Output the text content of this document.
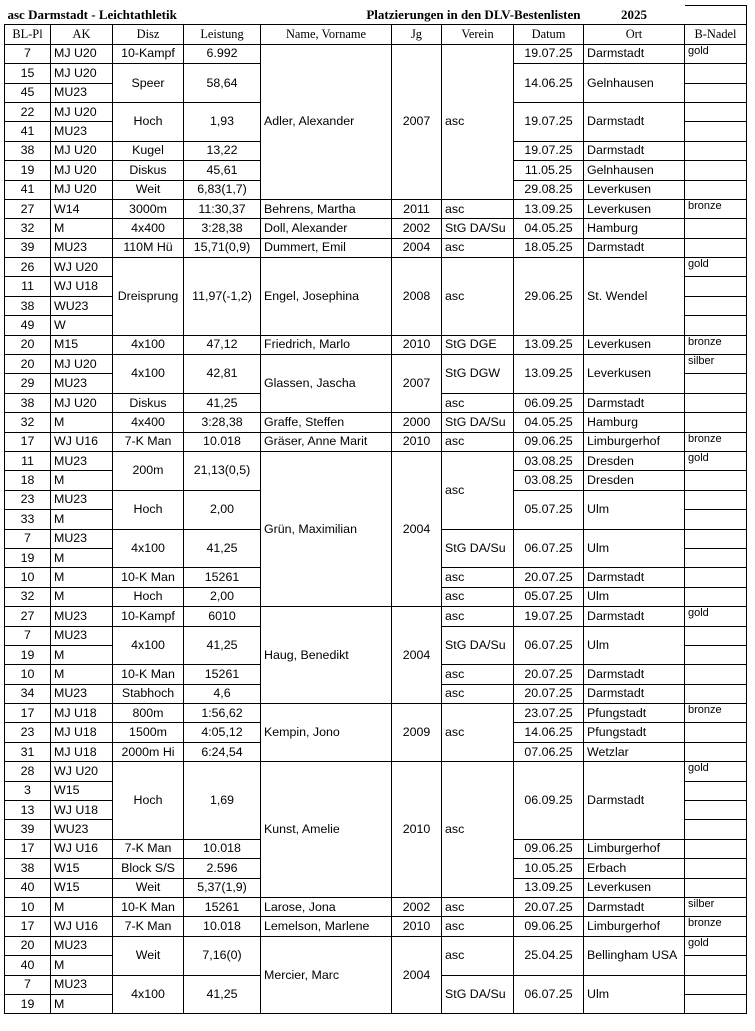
asc Darmstadt - Leichtathletik				Platzierungen in den DLV-Bestenlisten				2025	
BL-Pl	AK	Disz	Leistung	Name, Vorname	Jg	Verein	Datum	Ort	B-Nadel
7	MJ U20	10-Kampf	6.992	Adler, Alexander	2007	asc	19.07.25	Darmstadt	gold
15	MJ U20	Speer	58,64				14.06.25	Gelnhausen	
45	MU23								
22	MJ U20	Hoch	1,93				19.07.25	Darmstadt	
41	MU23								
38	MJ U20	Kugel	13,22				19.07.25	Darmstadt	
19	MJ U20	Diskus	45,61				11.05.25	Gelnhausen	
41	MJ U20	Weit	6,83(1,7)				29.08.25	Leverkusen	
27	W14	3000m	11:30,37	Behrens, Martha	2011	asc	13.09.25	Leverkusen	bronze
32	M	4x400	3:28,38	Doll, Alexander	2002	StG DA/Su	04.05.25	Hamburg	
39	MU23	110M Hü	15,71(0,9)	Dummert, Emil	2004	asc	18.05.25	Darmstadt	
26	WJ U20	Dreisprung	11,97(-1,2)	Engel, Josephina	2008	asc	29.06.25	St. Wendel	gold
11	WJ U18								
38	WU23								
49	W								
20	M15	4x100	47,12	Friedrich, Marlo	2010	StG DGE	13.09.25	Leverkusen	bronze
20	MJ U20	4x100	42,81	Glassen, Jascha	2007	StG DGW	13.09.25	Leverkusen	silber
29	MU23								
38	MJ U20	Diskus	41,25			asc	06.09.25	Darmstadt	
32	M	4x400	3:28,38	Graffe, Steffen	2000	StG DA/Su	04.05.25	Hamburg	
17	WJ U16	7-K Man	10.018	Gräser, Anne Marit	2010	asc	09.06.25	Limburgerhof	bronze
11	MU23	200m	21,13(0,5)	Grün, Maximilian	2004	asc	03.08.25	Dresden	gold
18	M						03.08.25	Dresden	
23	MU23	Hoch	2,00				05.07.25	Ulm	
33	M								
7	MU23	4x100	41,25			StG DA/Su	06.07.25	Ulm	
19	M								
10	M	10-K Man	15261			asc	20.07.25	Darmstadt	
32	M	Hoch	2,00			asc	05.07.25	Ulm	
27	MU23	10-Kampf	6010	Haug, Benedikt	2004	asc	19.07.25	Darmstadt	gold
7	MU23	4x100	41,25			StG DA/Su	06.07.25	Ulm	
19	M								
10	M	10-K Man	15261			asc	20.07.25	Darmstadt	
34	MU23	Stabhoch	4,6			asc	20.07.25	Darmstadt	
17	MJ U18	800m	1:56,62	Kempin, Jono	2009	asc	23.07.25	Pfungstadt	bronze
23	MJ U18	1500m	4:05,12				14.06.25	Pfungstadt	
31	MJ U18	2000m Hi	6:24,54				07.06.25	Wetzlar	
28	WJ U20	Hoch	1,69	Kunst, Amelie	2010	asc	06.09.25	Darmstadt	gold
3	W15								
13	WJ U18								
39	WU23								
17	WJ U16	7-K Man	10.018				09.06.25	Limburgerhof	
38	W15	Block S/S	2.596				10.05.25	Erbach	
40	W15	Weit	5,37(1,9)				13.09.25	Leverkusen	
10	M	10-K Man	15261	Larose, Jona	2002	asc	20.07.25	Darmstadt	silber
17	WJ U16	7-K Man	10.018	Lemelson, Marlene	2010	asc	09.06.25	Limburgerhof	bronze
20	MU23	Weit	7,16(0)	Mercier, Marc	2004	asc	25.04.25	Bellingham USA	gold
40	M								
7	MU23	4x100	41,25			StG DA/Su	06.07.25	Ulm	
19	M								
